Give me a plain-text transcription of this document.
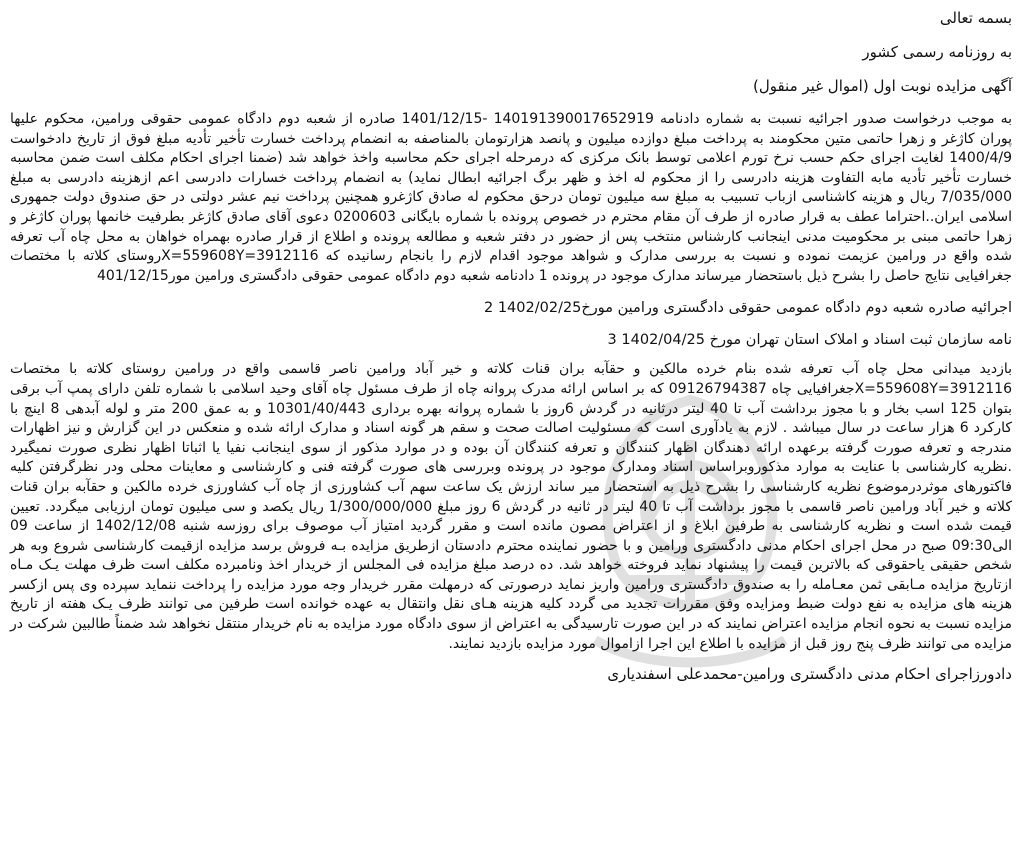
بسمه تعالی

به روزنامه رسمی کشور

آگهی مزایده نوبت اول (اموال غیر منقول)

به موجب درخواست صدور اجرائیه نسبت به شماره دادنامه 140191390017652919 -1401/12/15 صادره از شعبه دوم دادگاه عمومی حقوقی ورامین، محکوم علیها پوران کاژغر و زهرا حاتمی متین محکومند به پرداخت مبلغ دوازده میلیون و پانصد هزارتومان بالمناصفه به انضمام پرداخت خسارت تأخیر تأدیه مبلغ فوق از تاریخ دادخواست 1400/4/9 لغایت اجرای حکم حسب نرخ تورم اعلامی توسط بانک مرکزی که درمرحله اجرای حکم محاسبه واخذ خواهد شد (ضمنا اجرای احکام مکلف است ضمن محاسبه خسارت تأخیر تأدیه مابه التفاوت هزینه دادرسی را از محکوم له اخذ و ظهر برگ اجرائیه ابطال نماید) به انضمام پرداخت خسارات دادرسی اعم ازهزینه دادرسی به مبلغ 7/035/000 ریال و هزینه کاشناسی ازباب تسبیب به مبلغ سه میلیون تومان درحق محکوم له صادق کاژغرو همچنین پرداخت نیم عشر دولتی در حق صندوق دولت جمهوری اسلامی ایران..احتراما عطف به قرار صادره از طرف آن مقام محترم در خصوص پرونده با شماره بایگانی 0200603 دعوی آقای صادق کاژغر بطرفیت خانمها پوران کاژغر و زهرا حاتمی مبنی بر محکومیت مدنی اینجانب کارشناس منتخب پس از حضور در دفتر شعبه و مطالعه پرونده و اطلاع از قرار صادره بهمراه خواهان به محل چاه آب تعرفه شده واقع در ورامین عزیمت نموده و نسبت به بررسی مدارک و شواهد موجود اقدام لازم را بانجام رسانیده که X=559608Y=3912116روستای کلاته با مختصات جغرافیایی نتایج حاصل را بشرح ذیل باستحضار میرساند مدارک موجود در پرونده 1 دادنامه شعبه دوم دادگاه عمومی حقوقی دادگستری ورامین مور401/12/15

اجرائیه صادره شعبه دوم دادگاه عمومی حقوقی دادگستری ورامین مورخ1402/02/25 2

نامه سازمان ثبت اسناد و املاک استان تهران مورخ 1402/04/25 3

بازدید میدانی محل چاه آب تعرفه شده بنام خرده مالکین و حقآبه بران قنات کلاته و خیر آباد ورامین ناصر قاسمی واقع در ورامین روستای کلاته با مختصات X=559608Y=3912116جغرافیایی چاه 09126794387 که بر اساس ارائه مدرک پروانه چاه از طرف مسئول چاه آقای وحید اسلامی با شماره تلفن دارای پمپ آب برقی بتوان 125 اسب بخار و با مجوز برداشت آب تا 40 لیتر درثانیه در گردش 6روز با شماره پروانه بهره برداری 10301/40/443 و به عمق 200 متر و لوله آبدهی 8 اینچ با کارکرد 6 هزار ساعت در سال میباشد . لازم به یادآوری است که مسئولیت اصالت صحت و سقم هر گونه اسناد و مدارک ارائه شده و منعکس در این گزارش و نیز اظهارات مندرجه و تعرفه صورت گرفته برعهده ارائه دهندگان اظهار کنندگان و تعرفه کنندگان آن بوده و در موارد مذکور از سوی اینجانب نفیا یا اثباتا اظهار نظری صورت نمیگیرد .نظریه کارشناسی با عنایت به موارد مذکوروبراساس اسناد ومدارک موجود در پرونده وبررسی های صورت گرفته فنی و کارشناسی و معاینات محلی ودر نظرگرفتن کلیه فاکتورهای موثردرموضوع نظریه کارشناسی را بشرح ذیل به استحضار میر ساند ارزش یک ساعت سهم آب کشاورزی از چاه آب کشاورزی خرده مالکین و حقآبه بران قنات کلاته و خیر آباد ورامین ناصر قاسمی با مجوز برداشت آب تا 40 لیتر در ثانیه در گردش 6 روز مبلغ 1/300/000/000 ریال یکصد و سی میلیون تومان ارزیابی میگردد. تعیین قیمت شده است و نظریه کارشناسی به طرفین ابلاغ و از اعتراض مصون مانده است و مقرر گردید امتیاز آب موصوف برای روزسه شنبه 1402/12/08 از ساعت 09 الی09:30 صبح در محل اجرای احکام مدنی دادگستری ورامین و با حضور نماینده محترم دادستان ازطریق مزایده بـه فروش برسد مزایده ازقیمت کارشناسی شروع وبه هر شخص حقیقی یاحقوقی که بالاترین قیمت را پیشنهاد نماید فروخته خواهد شد. ده درصد مبلغ مزایده فی المجلس از خریدار اخذ ونامبرده مکلف است ظرف مهلت یـک مـاه ازتاریخ مزایده مـابقی ثمن معـامله را به صندوق دادگستری ورامین واریز نماید درصورتی که درمهلت مقرر خریدار وجه مورد مزایده را پرداخت ننماید سپرده وی پس ازکسر هزینه های مزایده به نفع دولت ضبط ومزایده وفق مقررات تجدید می گردد کلیه هزینه هـای نقل وانتقال به عهده خوانده است طرفین می توانند ظرف یـک هفته از تاریخ مزایده نسبت به نحوه انجام مزایده اعتراض نمایند که در این صورت تارسیدگی به اعتراض از سوی دادگاه مورد مزایده به نام خریدار منتقل نخواهد شد ضمناً طالبین شرکت در مزایده می توانند ظرف پنج روز قبل از مزایده با اطلاع این اجرا ازاموال مورد مزایده بازدید نمایند.

دادورزاجرای احکام مدنی دادگستری ورامین-محمدعلی اسفندیاری
